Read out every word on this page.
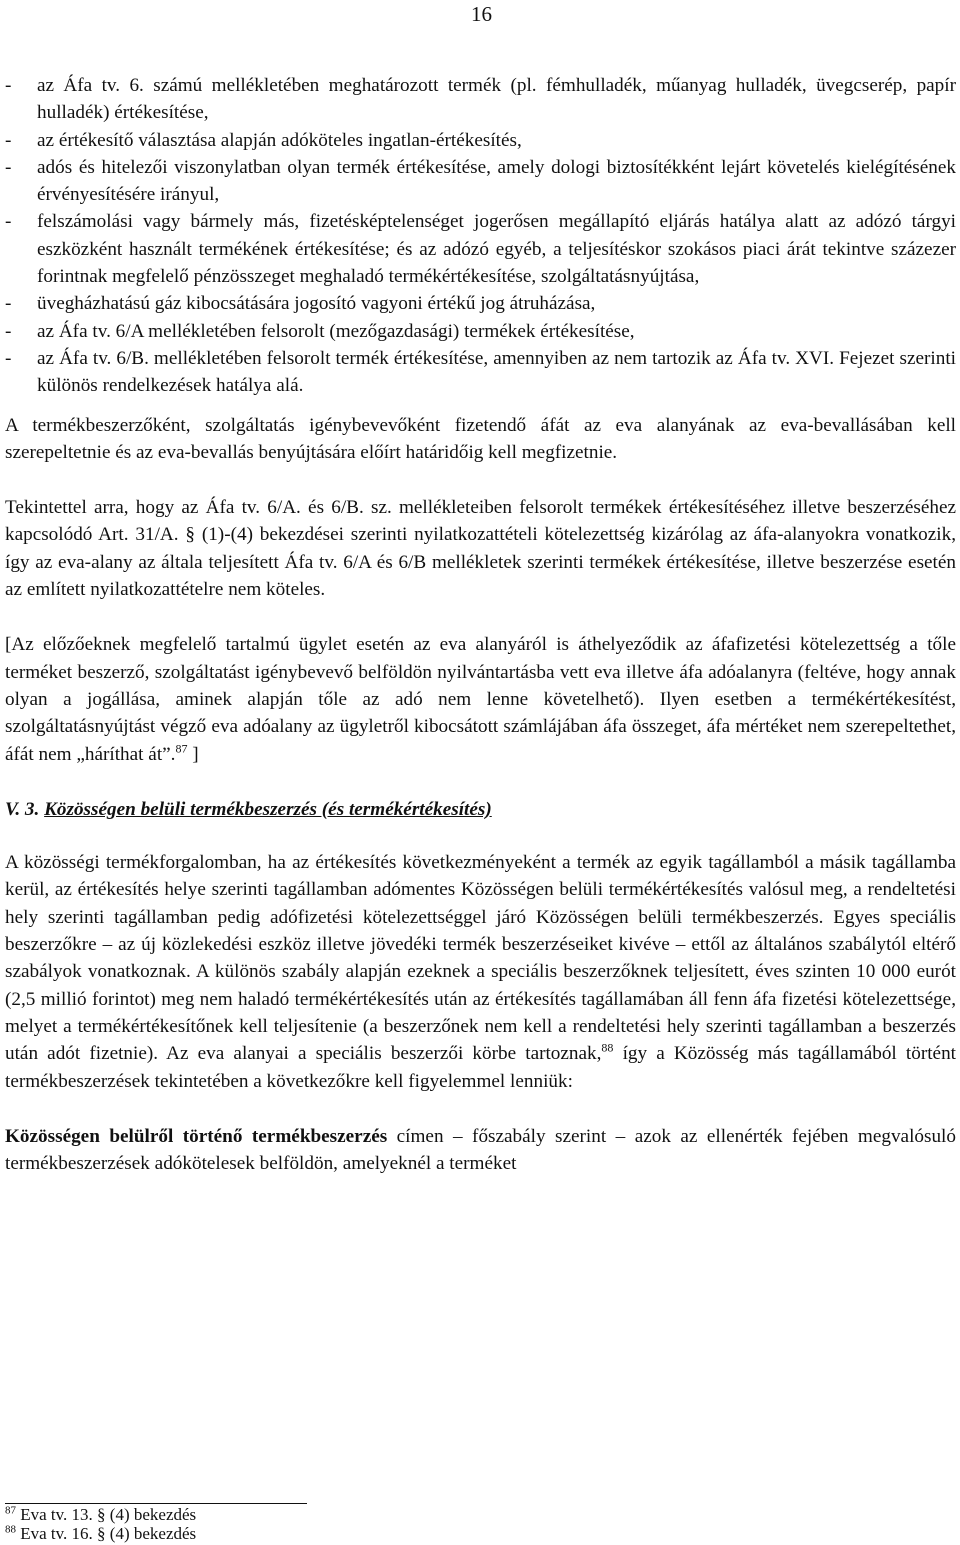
16
- az Áfa tv. 6. számú mellékletében meghatározott termék (pl. fémhulladék, műanyag hulladék, üvegcserép, papír hulladék) értékesítése,
- az értékesítő választása alapján adóköteles ingatlan-értékesítés,
- adós és hitelezői viszonylatban olyan termék értékesítése, amely dologi biztosítékként lejárt követelés kielégítésének érvényesítésére irányul,
- felszámolási vagy bármely más, fizetésképtelenséget jogerősen megállapító eljárás hatálya alatt az adózó tárgyi eszközként használt termékének értékesítése; és az adózó egyéb, a teljesítéskor szokásos piaci árát tekintve százezer forintnak megfelelő pénzösszeget meghaladó termékértékesítése, szolgáltatásnyújtása,
- üvegházhatású gáz kibocsátására jogosító vagyoni értékű jog átruházása,
- az Áfa tv. 6/A mellékletében felsorolt (mezőgazdasági) termékek értékesítése,
- az Áfa tv. 6/B. mellékletében felsorolt termék értékesítése, amennyiben az nem tartozik az Áfa tv. XVI. Fejezet szerinti különös rendelkezések hatálya alá.

A termékbeszerzőként, szolgáltatás igénybevevőként fizetendő áfát az eva alanyának az eva-bevallásában kell szerepeltetnie és az eva-bevallás benyújtására előírt határidőig kell megfizetnie.

Tekintettel arra, hogy az Áfa tv. 6/A. és 6/B. sz. mellékleteiben felsorolt termékek értékesítéséhez illetve beszerzéséhez kapcsolódó Art. 31/A. § (1)-(4) bekezdései szerinti nyilatkozattételi kötelezettség kizárólag az áfa-alanyokra vonatkozik, így az eva-alany az általa teljesített Áfa tv. 6/A és 6/B mellékletek szerinti termékek értékesítése, illetve beszerzése esetén az említett nyilatkozattételre nem köteles.

[Az előzőeknek megfelelő tartalmú ügylet esetén az eva alanyáról is áthelyeződik az áfafizetési kötelezettség a tőle terméket beszerző, szolgáltatást igénybevevő belföldön nyilvántartásba vett eva illetve áfa adóalanyra (feltéve, hogy annak olyan a jogállása, aminek alapján tőle az adó nem lenne követelhető). Ilyen esetben a termékértékesítést, szolgáltatásnyújtást végző eva adóalany az ügyletről kibocsátott számlájában áfa összeget, áfa mértéket nem szerepeltethet, áfát nem „háríthat át”.$^{87}$ ]

V. 3. Közösségen belüli termékbeszerzés (és termékértékesítés)

A közösségi termékforgalomban, ha az értékesítés következményeként a termék az egyik tagállamból a másik tagállamba kerül, az értékesítés helye szerinti tagállamban adómentes Közösségen belüli termékértékesítés valósul meg, a rendeltetési hely szerinti tagállamban pedig adófizetési kötelezettséggel járó Közösségen belüli termékbeszerzés. Egyes speciális beszerzőkre – az új közlekedési eszköz illetve jövedéki termék beszerzéseiket kivéve – ettől az általános szabálytól eltérő szabályok vonatkoznak. A különös szabály alapján ezeknek a speciális beszerzőknek teljesített, éves szinten 10 000 eurót (2,5 millió forintot) meg nem haladó termékértékesítés után az értékesítés tagállamában áll fenn áfa fizetési kötelezettsége, melyet a termékértékesítőnek kell teljesítenie (a beszerzőnek nem kell a rendeltetési hely szerinti tagállamban a beszerzés után adót fizetnie). Az eva alanyai a speciális beszerzői körbe tartoznak,$^{88}$ így a Közösség más tagállamából történt termékbeszerzések tekintetében a következőkre kell figyelemmel lenniük:

Közösségen belülről történő termékbeszerzés címen – főszabály szerint – azok az ellenérték fejében megvalósuló termékbeszerzések adókötelesek belföldön, amelyeknél a terméket

$^{87}$ Eva tv. 13. § (4) bekezdés
$^{88}$ Eva tv. 16. § (4) bekezdés
